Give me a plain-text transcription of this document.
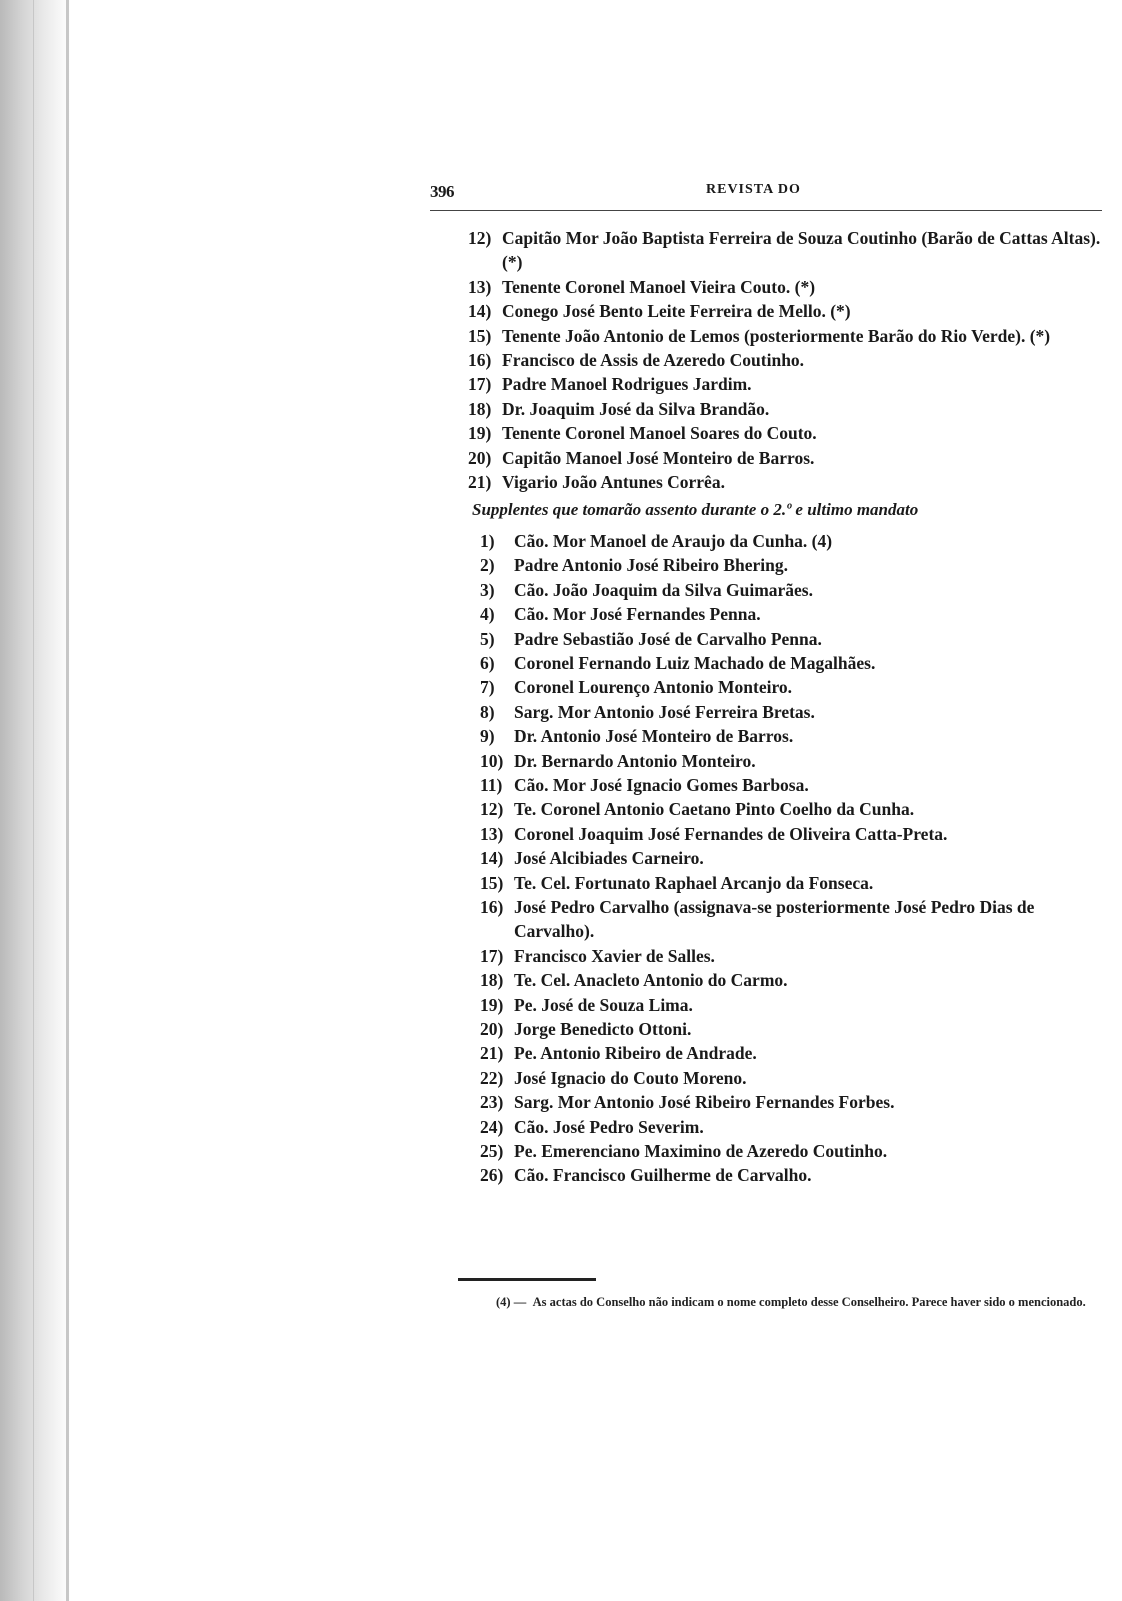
396	REVISTA DO
12) Capitão Mor João Baptista Ferreira de Souza Coutinho (Barão de Cattas Altas). (*)
13) Tenente Coronel Manoel Vieira Couto. (*)
14) Conego José Bento Leite Ferreira de Mello. (*)
15) Tenente João Antonio de Lemos (posteriormente Barão do Rio Verde). (*)
16) Francisco de Assis de Azeredo Coutinho.
17) Padre Manoel Rodrigues Jardim.
18) Dr. Joaquim José da Silva Brandão.
19) Tenente Coronel Manoel Soares do Couto.
20) Capitão Manoel José Monteiro de Barros.
21) Vigario João Antunes Corrêa.
Supplentes que tomarão assento durante o 2.º e ultimo mandato
1)	Cão. Mor Manoel de Araujo da Cunha. (4)
2)	Padre Antonio José Ribeiro Bhering.
3)	Cão. João Joaquim da Silva Guimarães.
4)	Cão. Mor José Fernandes Penna.
5)	Padre Sebastião José de Carvalho Penna.
6)	Coronel Fernando Luiz Machado de Magalhães.
7)	Coronel Lourenço Antonio Monteiro.
8)	Sarg. Mor Antonio José Ferreira Bretas.
9)	Dr. Antonio José Monteiro de Barros.
10) Dr. Bernardo Antonio Monteiro.
11) Cão. Mor José Ignacio Gomes Barbosa.
12) Te. Coronel Antonio Caetano Pinto Coelho da Cunha.
13) Coronel Joaquim José Fernandes de Oliveira Catta-Preta.
14) José Alcibiades Carneiro.
15) Te. Cel. Fortunato Raphael Arcanjo da Fonseca.
16) José Pedro Carvalho (assignava-se posteriormente José Pedro Dias de Carvalho).
17) Francisco Xavier de Salles.
18) Te. Cel. Anacleto Antonio do Carmo.
19) Pe. José de Souza Lima.
20) Jorge Benedicto Ottoni.
21) Pe. Antonio Ribeiro de Andrade.
22) José Ignacio do Couto Moreno.
23) Sarg. Mor Antonio José Ribeiro Fernandes Forbes.
24) Cão. José Pedro Severim.
25) Pe. Emerenciano Maximino de Azeredo Coutinho.
26) Cão. Francisco Guilherme de Carvalho.
(4) — As actas do Conselho não indicam o nome completo desse Conselheiro. Parece haver sido o mencionado.
